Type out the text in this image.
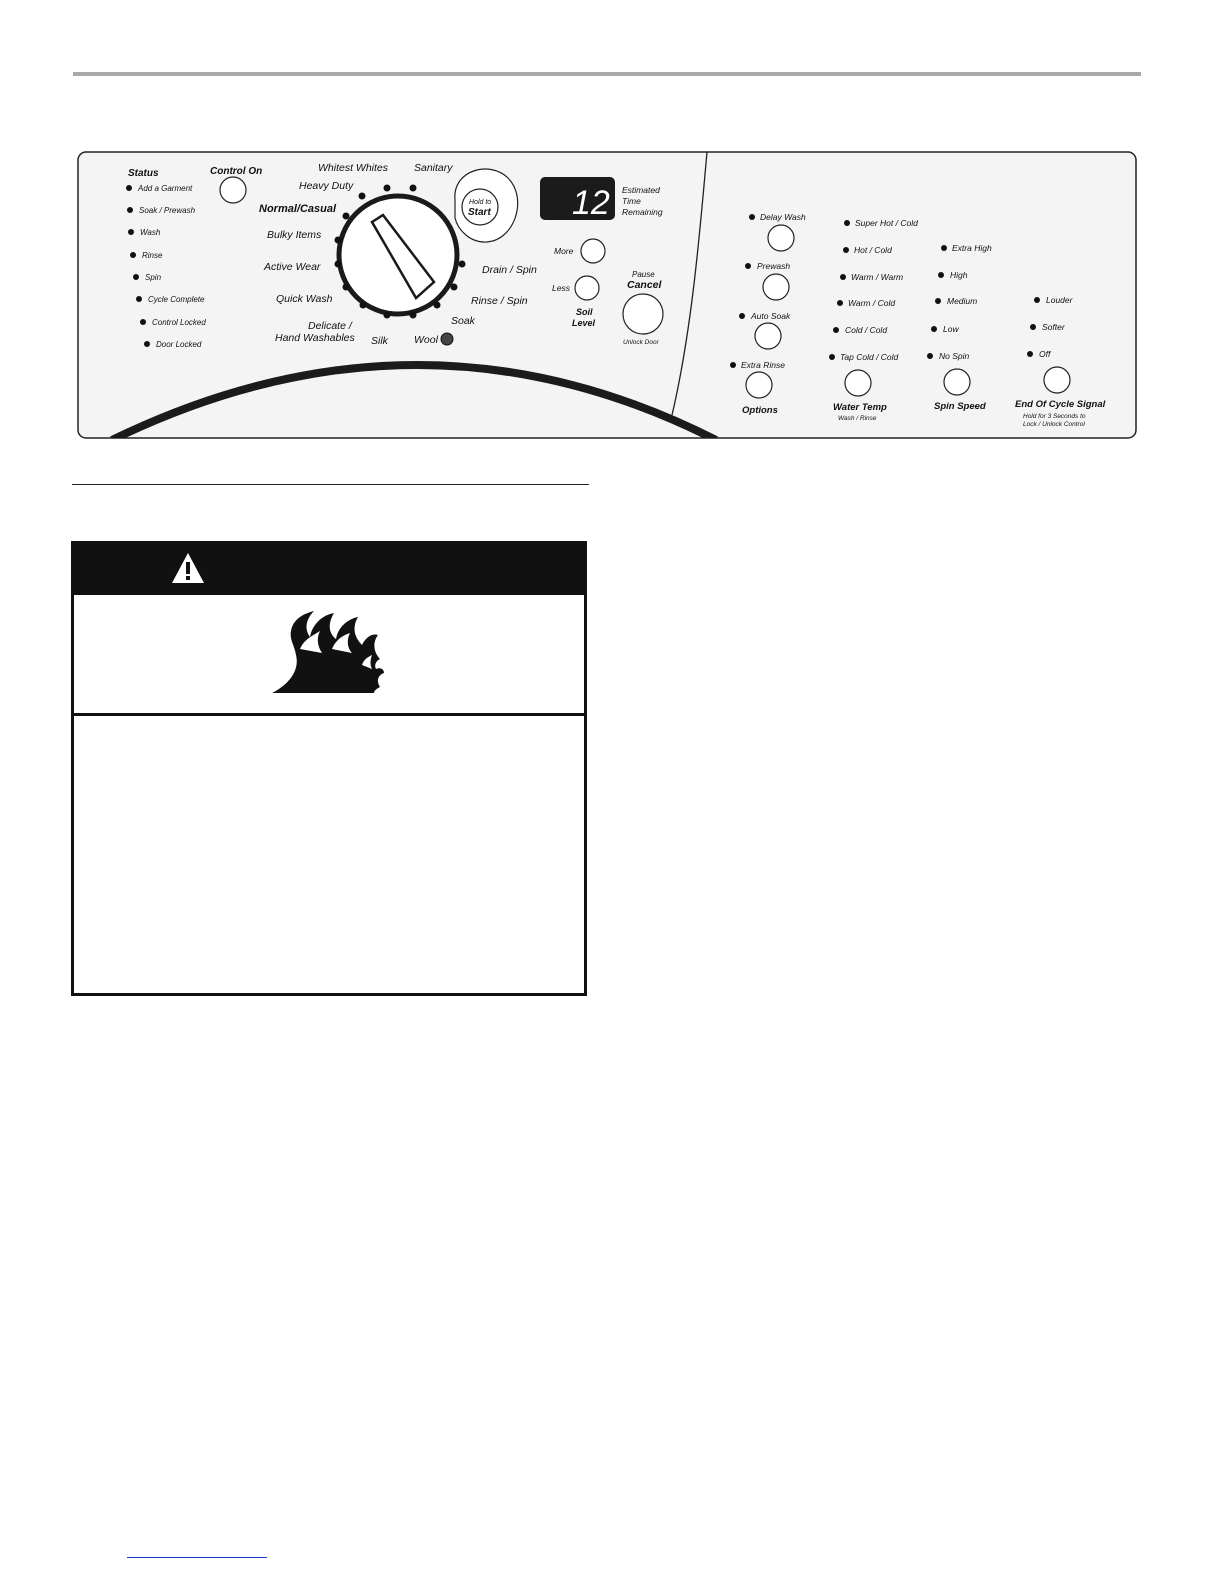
Status
Add a Garment
Soak / Prewash
Wash
Rinse
Spin
Cycle Complete
Control Locked
Door Locked
Control On	Whitest Whites Sanitary
Heavy Duty
Normal/Casual
Bulky Items
Active Wear
Quick Wash
Delicate /
Hand Washables Silk Wool
Soak
Rinse / Spin
Drain / Spin
Hold to
Start 12 Estimated
Time
Remaining
More
Less
Soil
Level
Pause
Cancel
Unlock Door
Delay Wash
Prewash
Auto Soak
Extra Rinse
Options
Super Hot / Cold
Hot / Cold
Warm / Warm
Warm / Cold
Cold / Cold
Tap Cold / Cold
Water Temp
Wash / Rinse
Extra High
High
Medium
Low
No Spin
Spin Speed
Louder
Softer
Off
End Of Cycle Signal
Hold for 3 Seconds to
Lock / Unlock Control
